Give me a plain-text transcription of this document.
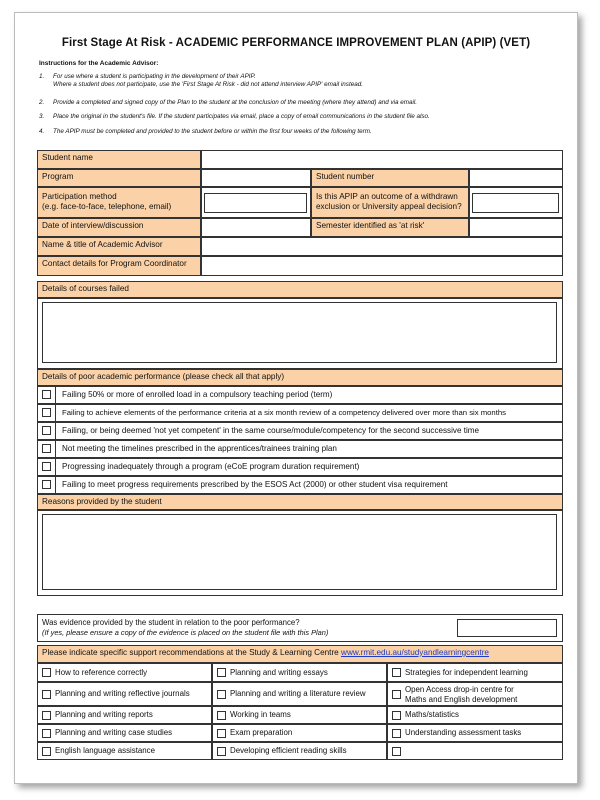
First Stage At Risk - ACADEMIC PERFORMANCE IMPROVEMENT PLAN (APIP) (VET)
Instructions for the Academic Advisor:
1. For use where a student is participating in the development of their APIP.
Where a student does not participate, use the 'First Stage At Risk - did not attend interview APIP' email instead.
2. Provide a completed and signed copy of the Plan to the student at the conclusion of the meeting (where they attend) and via email.
3. Place the original in the student's file. If the student participates via email, place a copy of email communications in the student file also.
4. The APIP must be completed and provided to the student before or within the first four weeks of the following term.
Student name
Program	Student number
Participation method
(e.g. face-to-face, telephone, email)
Is this APIP an outcome of a withdrawn
exclusion or University appeal decision?
Date of interview/discussion	Semester identified as 'at risk'
Name & title of Academic Advisor
Contact details for Program Coordinator
Details of courses failed
Details of poor academic performance (please check all that apply)
Failing 50% or more of enrolled load in a compulsory teaching period (term)
Failing to achieve elements of the performance criteria at a six month review of a competency delivered over more than six months
Failing, or being deemed 'not yet competent' in the same course/module/competency for the second successive time
Not meeting the timelines prescribed in the apprentices/trainees training plan
Progressing inadequately through a program (eCoE program duration requirement)
Failing to meet progress requirements prescribed by the ESOS Act (2000) or other student visa requirement
Reasons provided by the student
Was evidence provided by the student in relation to the poor performance?
(If yes, please ensure a copy of the evidence is placed on the student file with this Plan)
Please indicate specific support recommendations at the Study & Learning Centre www.rmit.edu.au/studyandlearningcentre
How to reference correctly
Planning and writing reflective journals
Planning and writing reports
Planning and writing case studies
English language assistance
Planning and writing essays
Planning and writing a literature review
Working in teams
Exam preparation
Developing efficient reading skills
Strategies for independent learning
Open Access drop-in centre for
Maths and English development
Maths/statistics
Understanding assessment tasks
